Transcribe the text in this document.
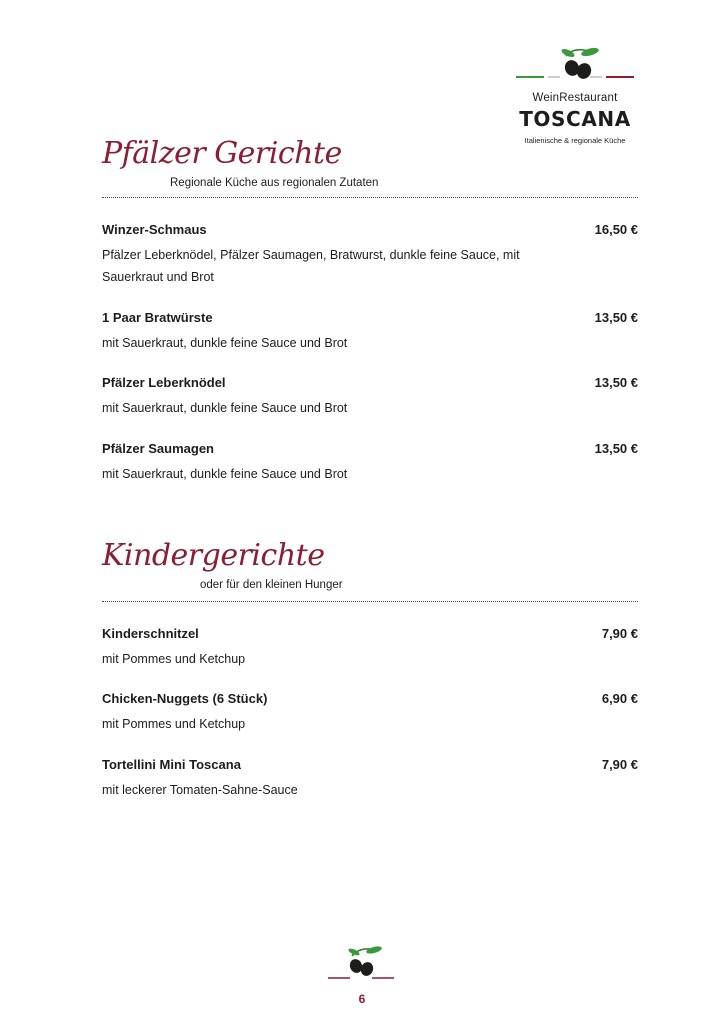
WeinRestaurant
TOSCANA
Italienische & regionale Küche
Pfälzer Gerichte
Regionale Küche aus regionalen Zutaten
Winzer-Schmaus	16,50 €
Pfälzer Leberknödel, Pfälzer Saumagen, Bratwurst, dunkle feine Sauce, mit Sauerkraut und Brot
1 Paar Bratwürste	13,50 €
mit Sauerkraut, dunkle feine Sauce und Brot
Pfälzer Leberknödel	13,50 €
mit Sauerkraut, dunkle feine Sauce und Brot
Pfälzer Saumagen	13,50 €
mit Sauerkraut, dunkle feine Sauce und Brot
Kindergerichte
oder für den kleinen Hunger
Kinderschnitzel	7,90 €
mit Pommes und Ketchup
Chicken-Nuggets (6 Stück)	6,90 €
mit Pommes und Ketchup
Tortellini Mini Toscana	7,90 €
mit leckerer Tomaten-Sahne-Sauce
6
